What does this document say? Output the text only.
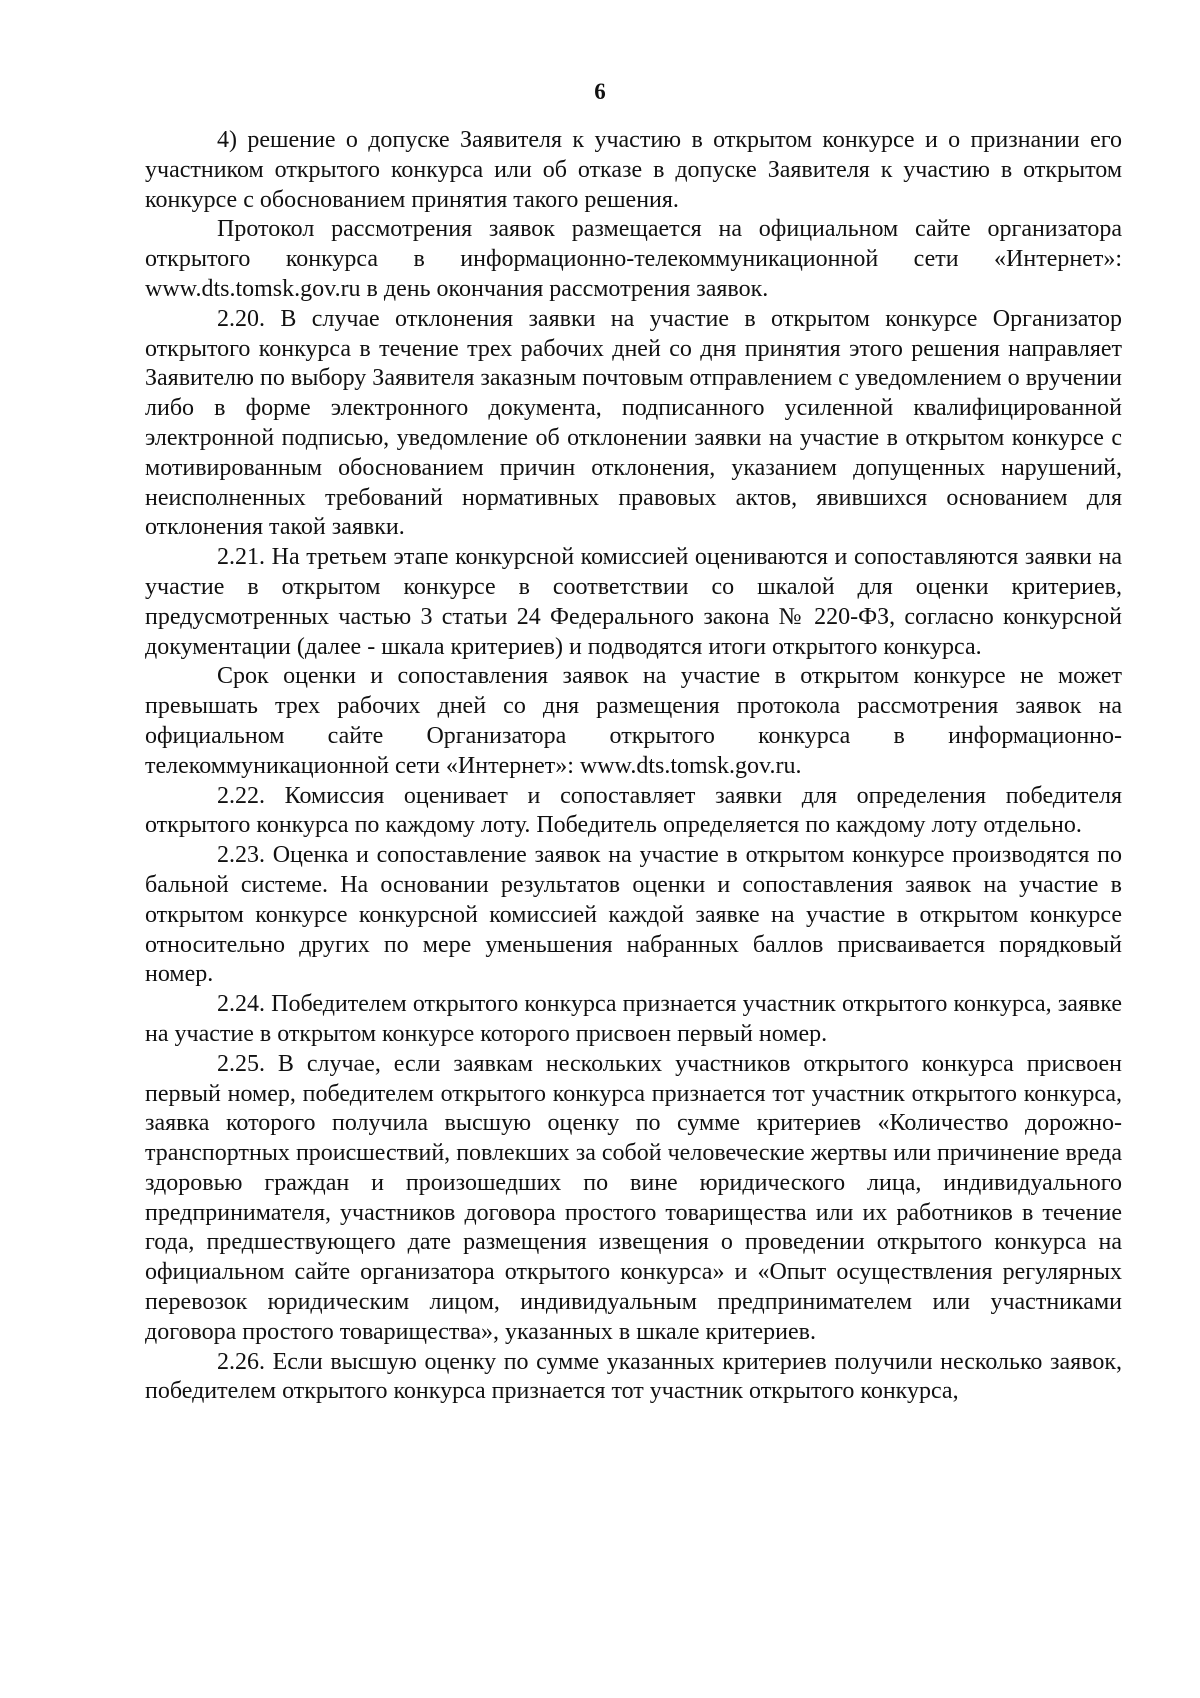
6

4) решение о допуске Заявителя к участию в открытом конкурсе и о признании его участником открытого конкурса или об отказе в допуске Заявителя к участию в открытом конкурсе с обоснованием принятия такого решения.

Протокол рассмотрения заявок размещается на официальном сайте организатора открытого конкурса в информационно-телекоммуникационной сети «Интернет»: www.dts.tomsk.gov.ru в день окончания рассмотрения заявок.

2.20. В случае отклонения заявки на участие в открытом конкурсе Организатор открытого конкурса в течение трех рабочих дней со дня принятия этого решения направляет Заявителю по выбору Заявителя заказным почтовым отправлением с уведомлением о вручении либо в форме электронного документа, подписанного усиленной квалифицированной электронной подписью, уведомление об отклонении заявки на участие в открытом конкурсе с мотивированным обоснованием причин отклонения, указанием допущенных нарушений, неисполненных требований нормативных правовых актов, явившихся основанием для отклонения такой заявки.

2.21. На третьем этапе конкурсной комиссией оцениваются и сопоставляются заявки на участие в открытом конкурсе в соответствии со шкалой для оценки критериев, предусмотренных частью 3 статьи 24 Федерального закона № 220-ФЗ, согласно конкурсной документации (далее - шкала критериев) и подводятся итоги открытого конкурса.

Срок оценки и сопоставления заявок на участие в открытом конкурсе не может превышать трех рабочих дней со дня размещения протокола рассмотрения заявок на официальном сайте Организатора открытого конкурса в информационно-телекоммуникационной сети «Интернет»: www.dts.tomsk.gov.ru.

2.22. Комиссия оценивает и сопоставляет заявки для определения победителя открытого конкурса по каждому лоту. Победитель определяется по каждому лоту отдельно.

2.23. Оценка и сопоставление заявок на участие в открытом конкурсе производятся по бальной системе. На основании результатов оценки и сопоставления заявок на участие в открытом конкурсе конкурсной комиссией каждой заявке на участие в открытом конкурсе относительно других по мере уменьшения набранных баллов присваивается порядковый номер.

2.24. Победителем открытого конкурса признается участник открытого конкурса, заявке на участие в открытом конкурсе которого присвоен первый номер.

2.25. В случае, если заявкам нескольких участников открытого конкурса присвоен первый номер, победителем открытого конкурса признается тот участник открытого конкурса, заявка которого получила высшую оценку по сумме критериев «Количество дорожно-транспортных происшествий, повлекших за собой человеческие жертвы или причинение вреда здоровью граждан и произошедших по вине юридического лица, индивидуального предпринимателя, участников договора простого товарищества или их работников в течение года, предшествующего дате размещения извещения о проведении открытого конкурса на официальном сайте организатора открытого конкурса» и «Опыт осуществления регулярных перевозок юридическим лицом, индивидуальным предпринимателем или участниками договора простого товарищества», указанных в шкале критериев.

2.26. Если высшую оценку по сумме указанных критериев получили несколько заявок, победителем открытого конкурса признается тот участник открытого конкурса,
